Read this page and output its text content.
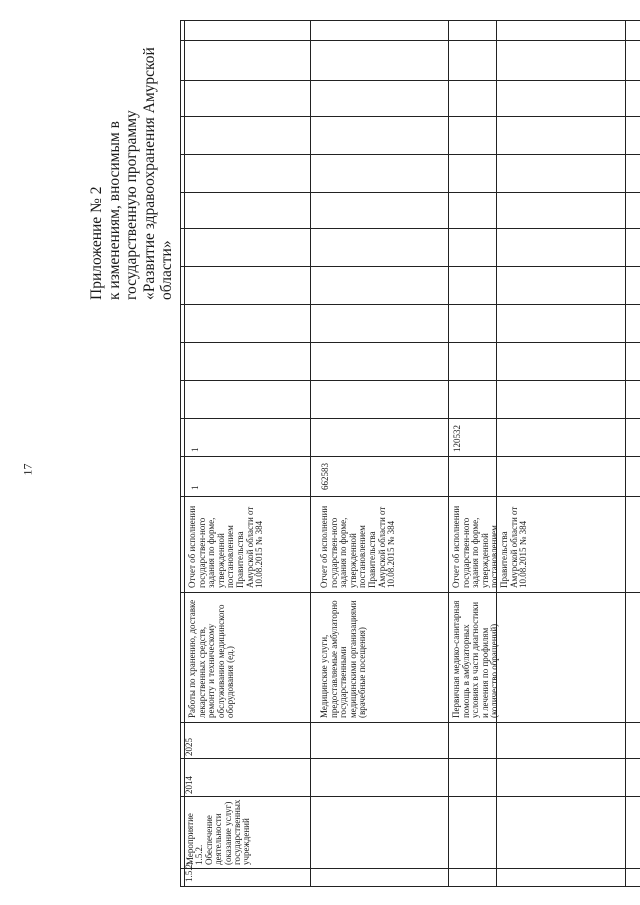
17
Приложение № 2 к изменениям, вносимым в государственную программу «Развитие здравоохранения Амурской области»
1.5.2.
Мероприятие 1.5.2. Обеспечение деятельности (оказание услуг) государственных учреждений
2014
2025
Работы по хранению, доставке лекарственных средств, ремонту и техническому обслуживанию медицинского оборудования (ед.)
Отчет об исполнении государствен-ного задания по форме, утвержденной постановлением Правительства Амурской области от 10.08.2015 № 384
1
1
Медицинские услуги, предоставляемые амбулаторно государственными медицинскими организациями (врачебные посещения)
Отчет об исполнении государствен-ного задания по форме, утвержденной постановлением Правительства Амурской области от 10.08.2015 № 384
662583
Первичная медико-санитарная помощь в амбулаторных условиях в части диагностики и лечения по профилям (количество обращений)
Отчет об исполнении государствен-ного задания по форме, утвержденной постановлением Правительства Амурской области от 10.08.2015 № 384
120532
